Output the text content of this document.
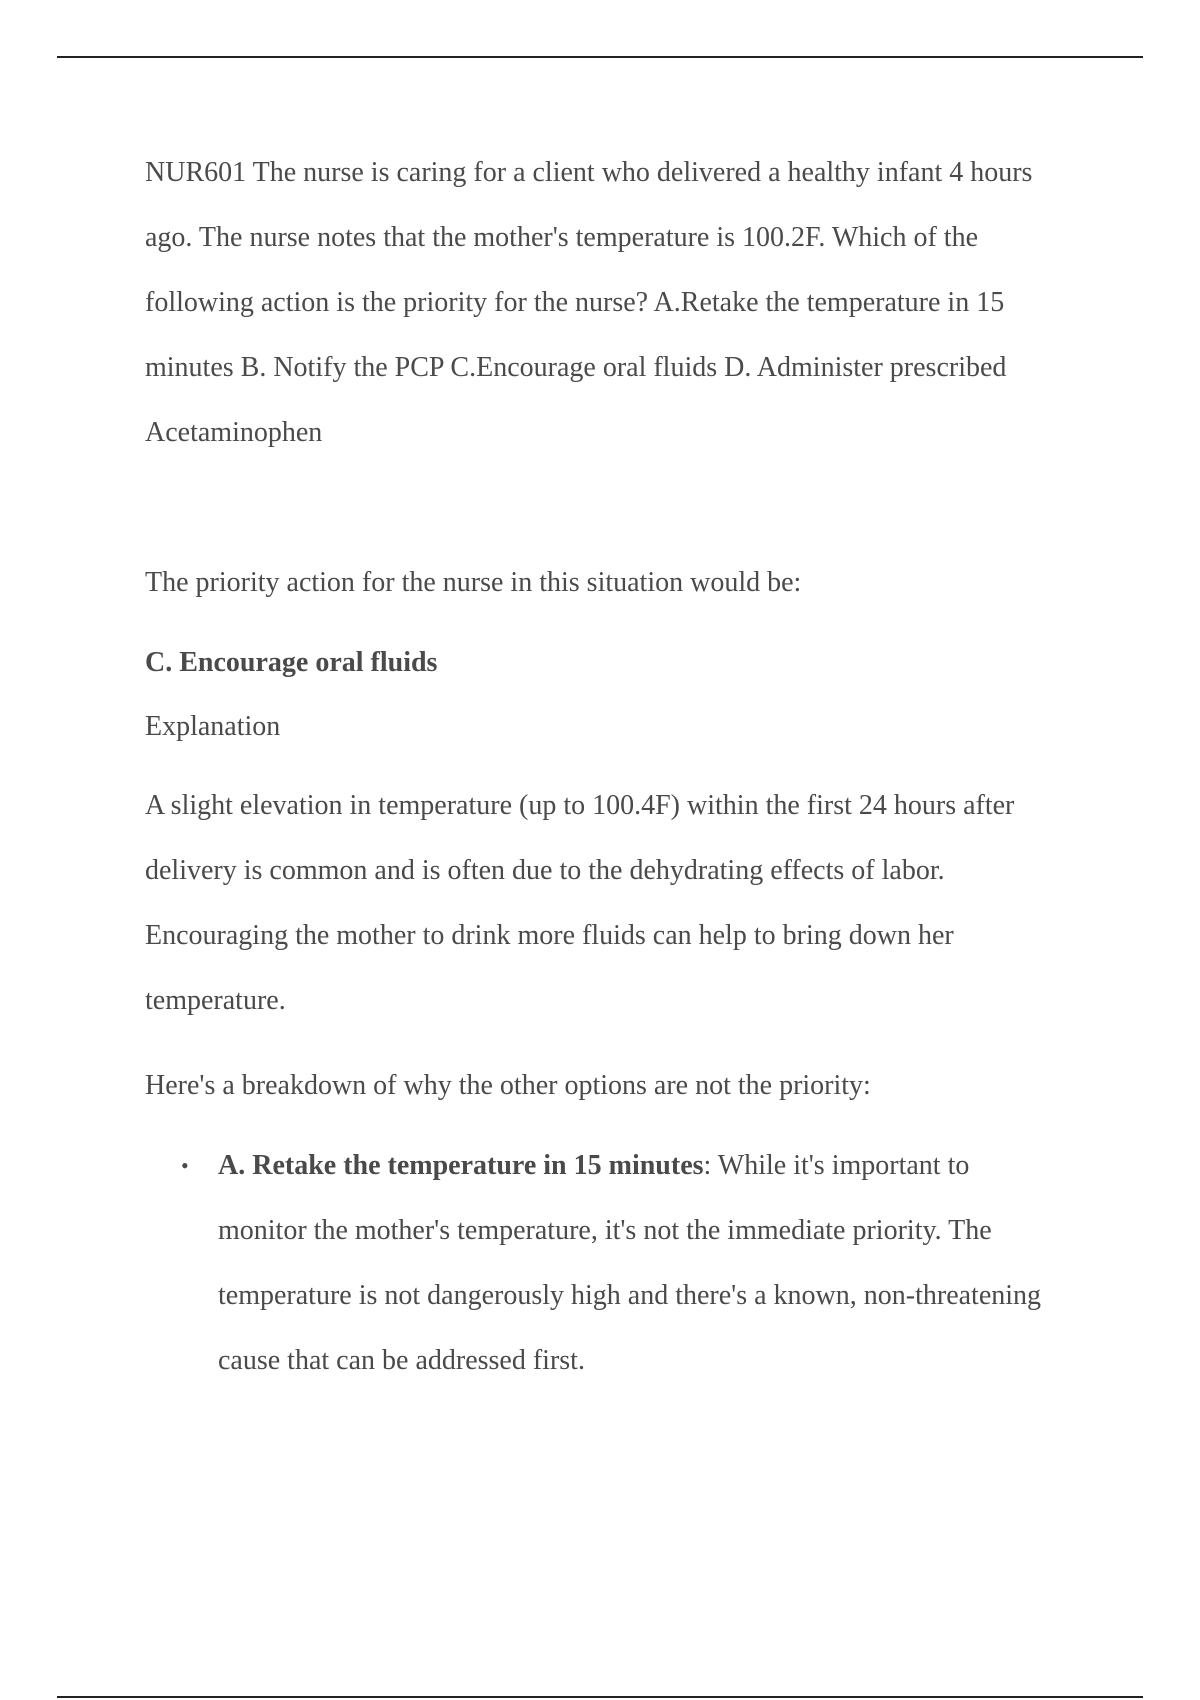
NUR601 The nurse is caring for a client who delivered a healthy infant 4 hours ago. The nurse notes that the mother's temperature is 100.2F. Which of the following action is the priority for the nurse? A.Retake the temperature in 15 minutes B. Notify the PCP C.Encourage oral fluids D. Administer prescribed Acetaminophen

The priority action for the nurse in this situation would be:

C. Encourage oral fluids

Explanation

A slight elevation in temperature (up to 100.4F) within the first 24 hours after delivery is common and is often due to the dehydrating effects of labor. Encouraging the mother to drink more fluids can help to bring down her temperature.

Here's a breakdown of why the other options are not the priority:

• A. Retake the temperature in 15 minutes: While it's important to monitor the mother's temperature, it's not the immediate priority. The temperature is not dangerously high and there's a known, non-threatening cause that can be addressed first.
